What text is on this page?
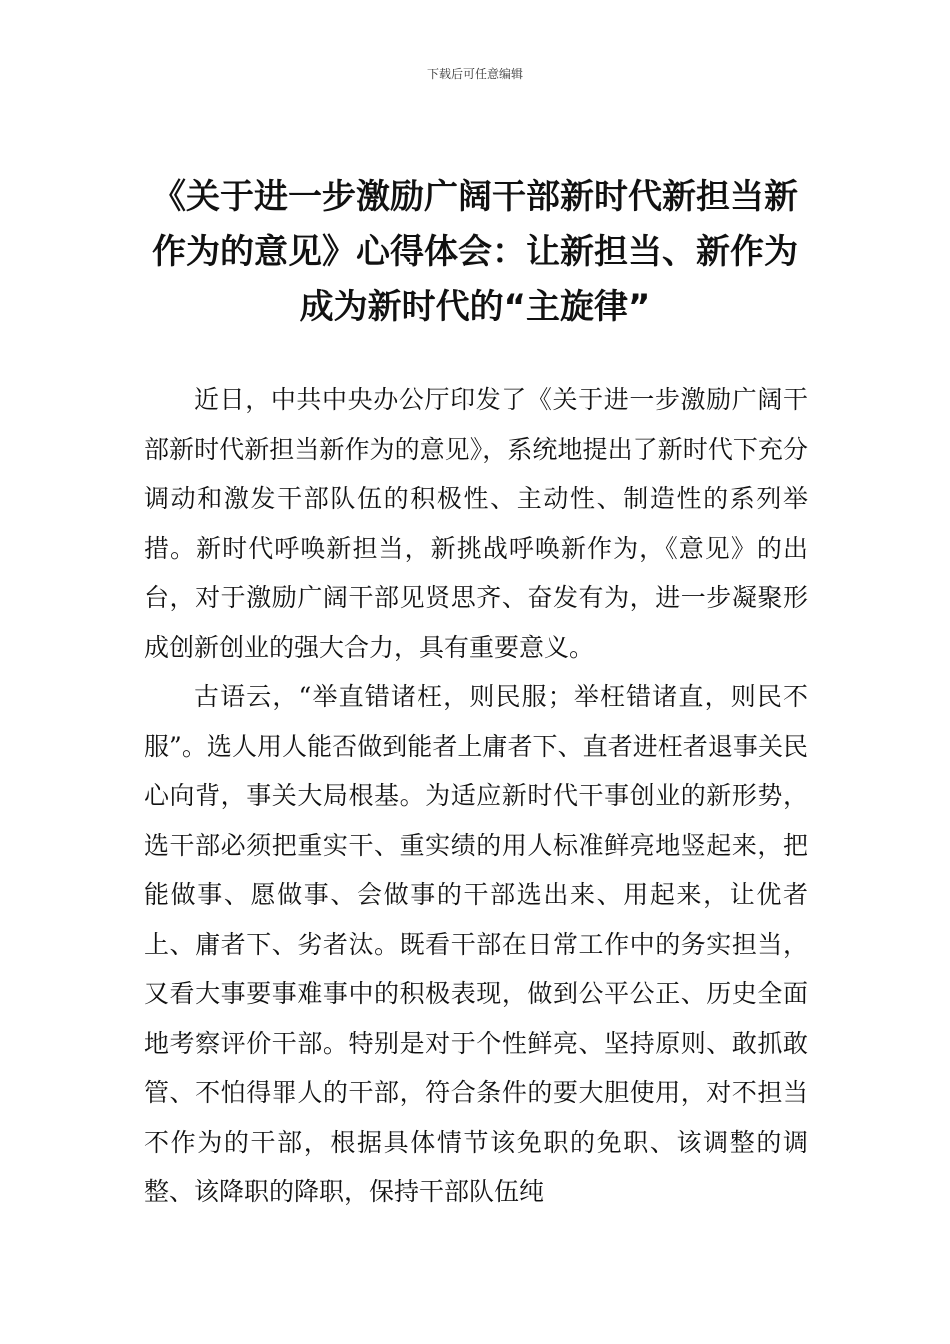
下载后可任意编辑
《关于进一步激励广阔干部新时代新担当新作为的意见》心得体会：让新担当、新作为成为新时代的“主旋律”

近日，中共中央办公厅印发了《关于进一步激励广阔干部新时代新担当新作为的意见》，系统地提出了新时代下充分调动和激发干部队伍的积极性、主动性、制造性的系列举措。新时代呼唤新担当，新挑战呼唤新作为，《意见》的出台，对于激励广阔干部见贤思齐、奋发有为，进一步凝聚形成创新创业的强大合力，具有重要意义。

古语云，“举直错诸枉，则民服；举枉错诸直，则民不服”。选人用人能否做到能者上庸者下、直者进枉者退事关民心向背，事关大局根基。为适应新时代干事创业的新形势，选干部必须把重实干、重实绩的用人标准鲜亮地竖起来，把能做事、愿做事、会做事的干部选出来、用起来，让优者上、庸者下、劣者汰。既看干部在日常工作中的务实担当，又看大事要事难事中的积极表现，做到公平公正、历史全面地考察评价干部。特别是对于个性鲜亮、坚持原则、敢抓敢管、不怕得罪人的干部，符合条件的要大胆使用，对不担当不作为的干部，根据具体情节该免职的免职、该调整的调整、该降职的降职，保持干部队伍纯
